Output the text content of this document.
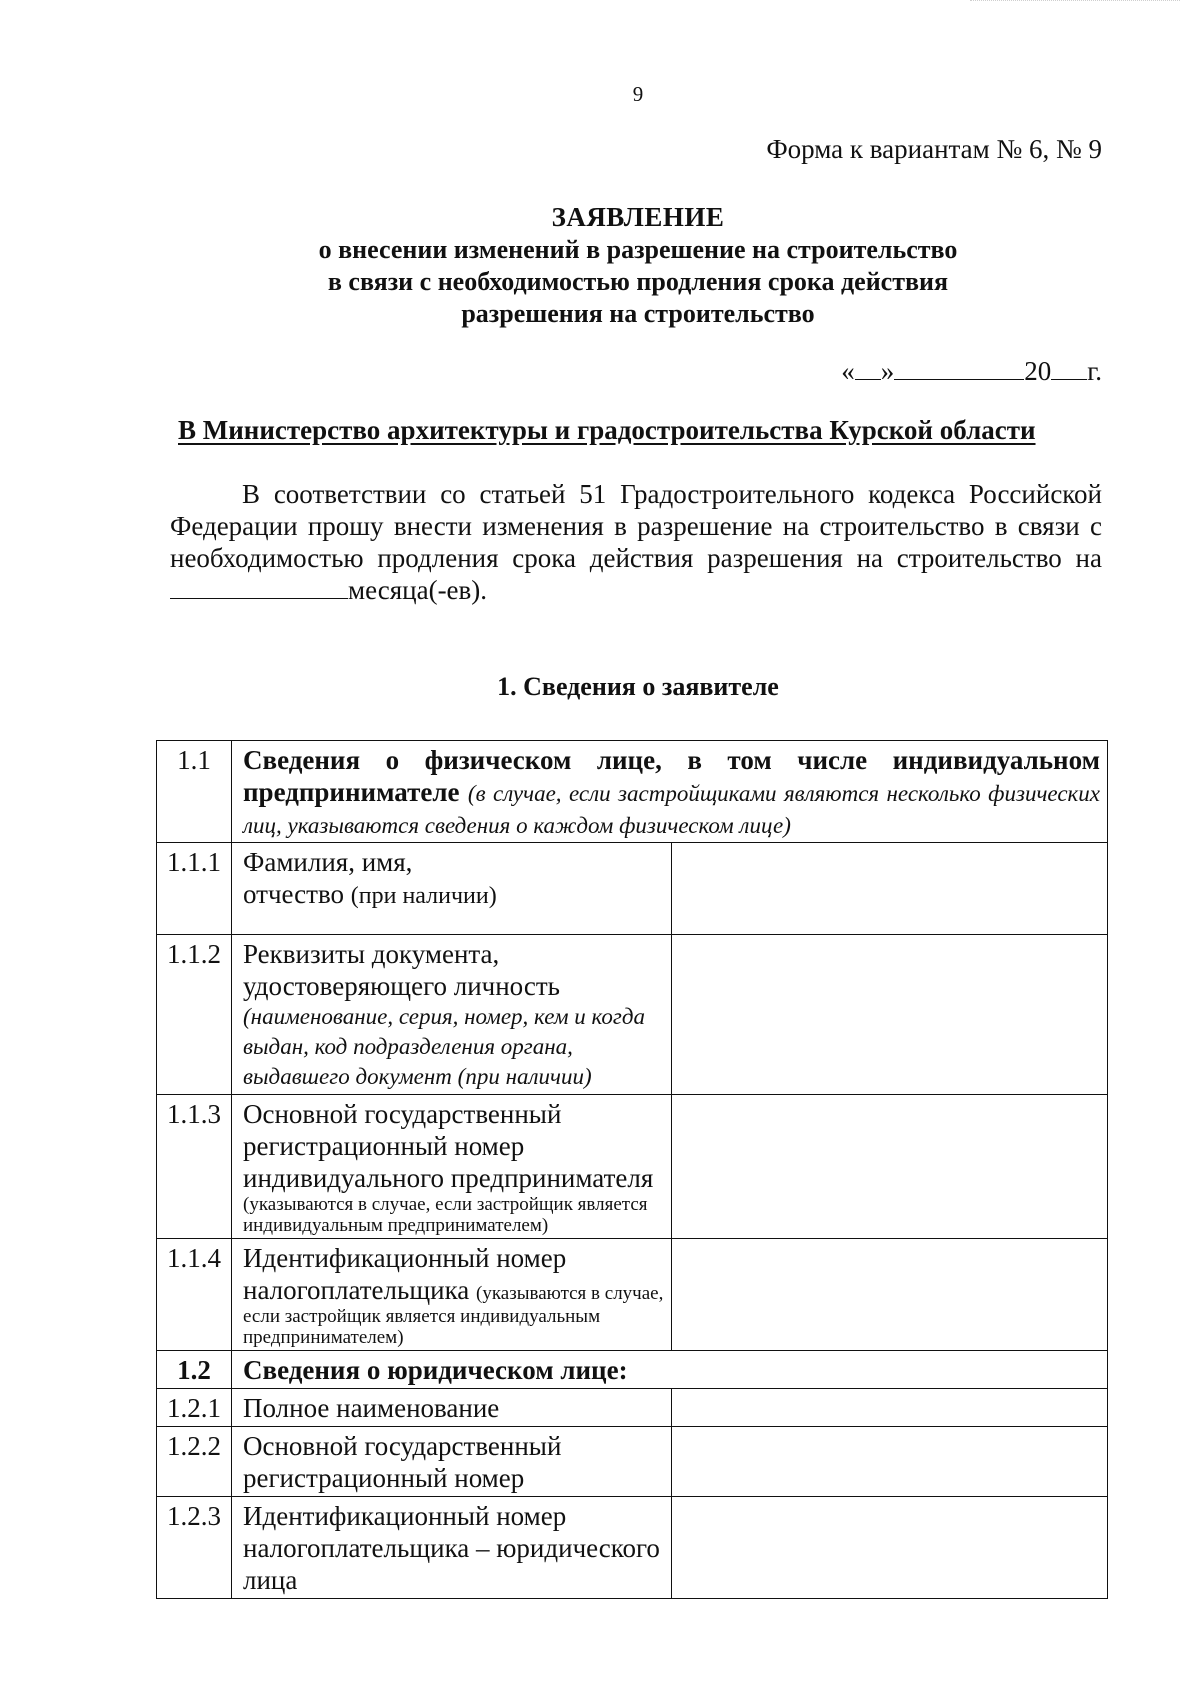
9
Форма к вариантам № 6, № 9
ЗАЯВЛЕНИЕ
о внесении изменений в разрешение на строительство
в связи с необходимостью продления срока действия
разрешения на строительство
« »	20 г.
В Министерство архитектуры и градостроительства Курской области

В соответствии со статьей 51 Градостроительного кодекса Российской Федерации прошу внести изменения в разрешение на строительство в связи с необходимостью продления срока действия разрешения на строительство на месяца(-ев).

1. Сведения о заявителе
1.1	Сведения о физическом лице, в том числе индивидуальном предпринимателе (в случае, если застройщиками являются несколько физических лиц, указываются сведения о каждом физическом лице)	
1.1.1	Фамилия, имя,
отчество (при наличии)	

1.1.2	Реквизиты документа,
удостоверяющего личность
(наименование, серия, номер, кем и когда выдан, код подразделения органа, выдавшего документ (при наличии)	

1.1.3	Основной государственный
регистрационный номер
индивидуального предпринимателя
(указываются в случае, если застройщик является индивидуальным предпринимателем)	

1.1.4	Идентификационный номер
налогоплательщика (указываются в случае,
если застройщик является индивидуальным предпринимателем)	

1.2	Сведения о юридическом лице:	
1.2.1	Полное наименование	
1.2.2	Основной государственный
регистрационный номер	

1.2.3	Идентификационный номер
налогоплательщика – юридического
лица	
